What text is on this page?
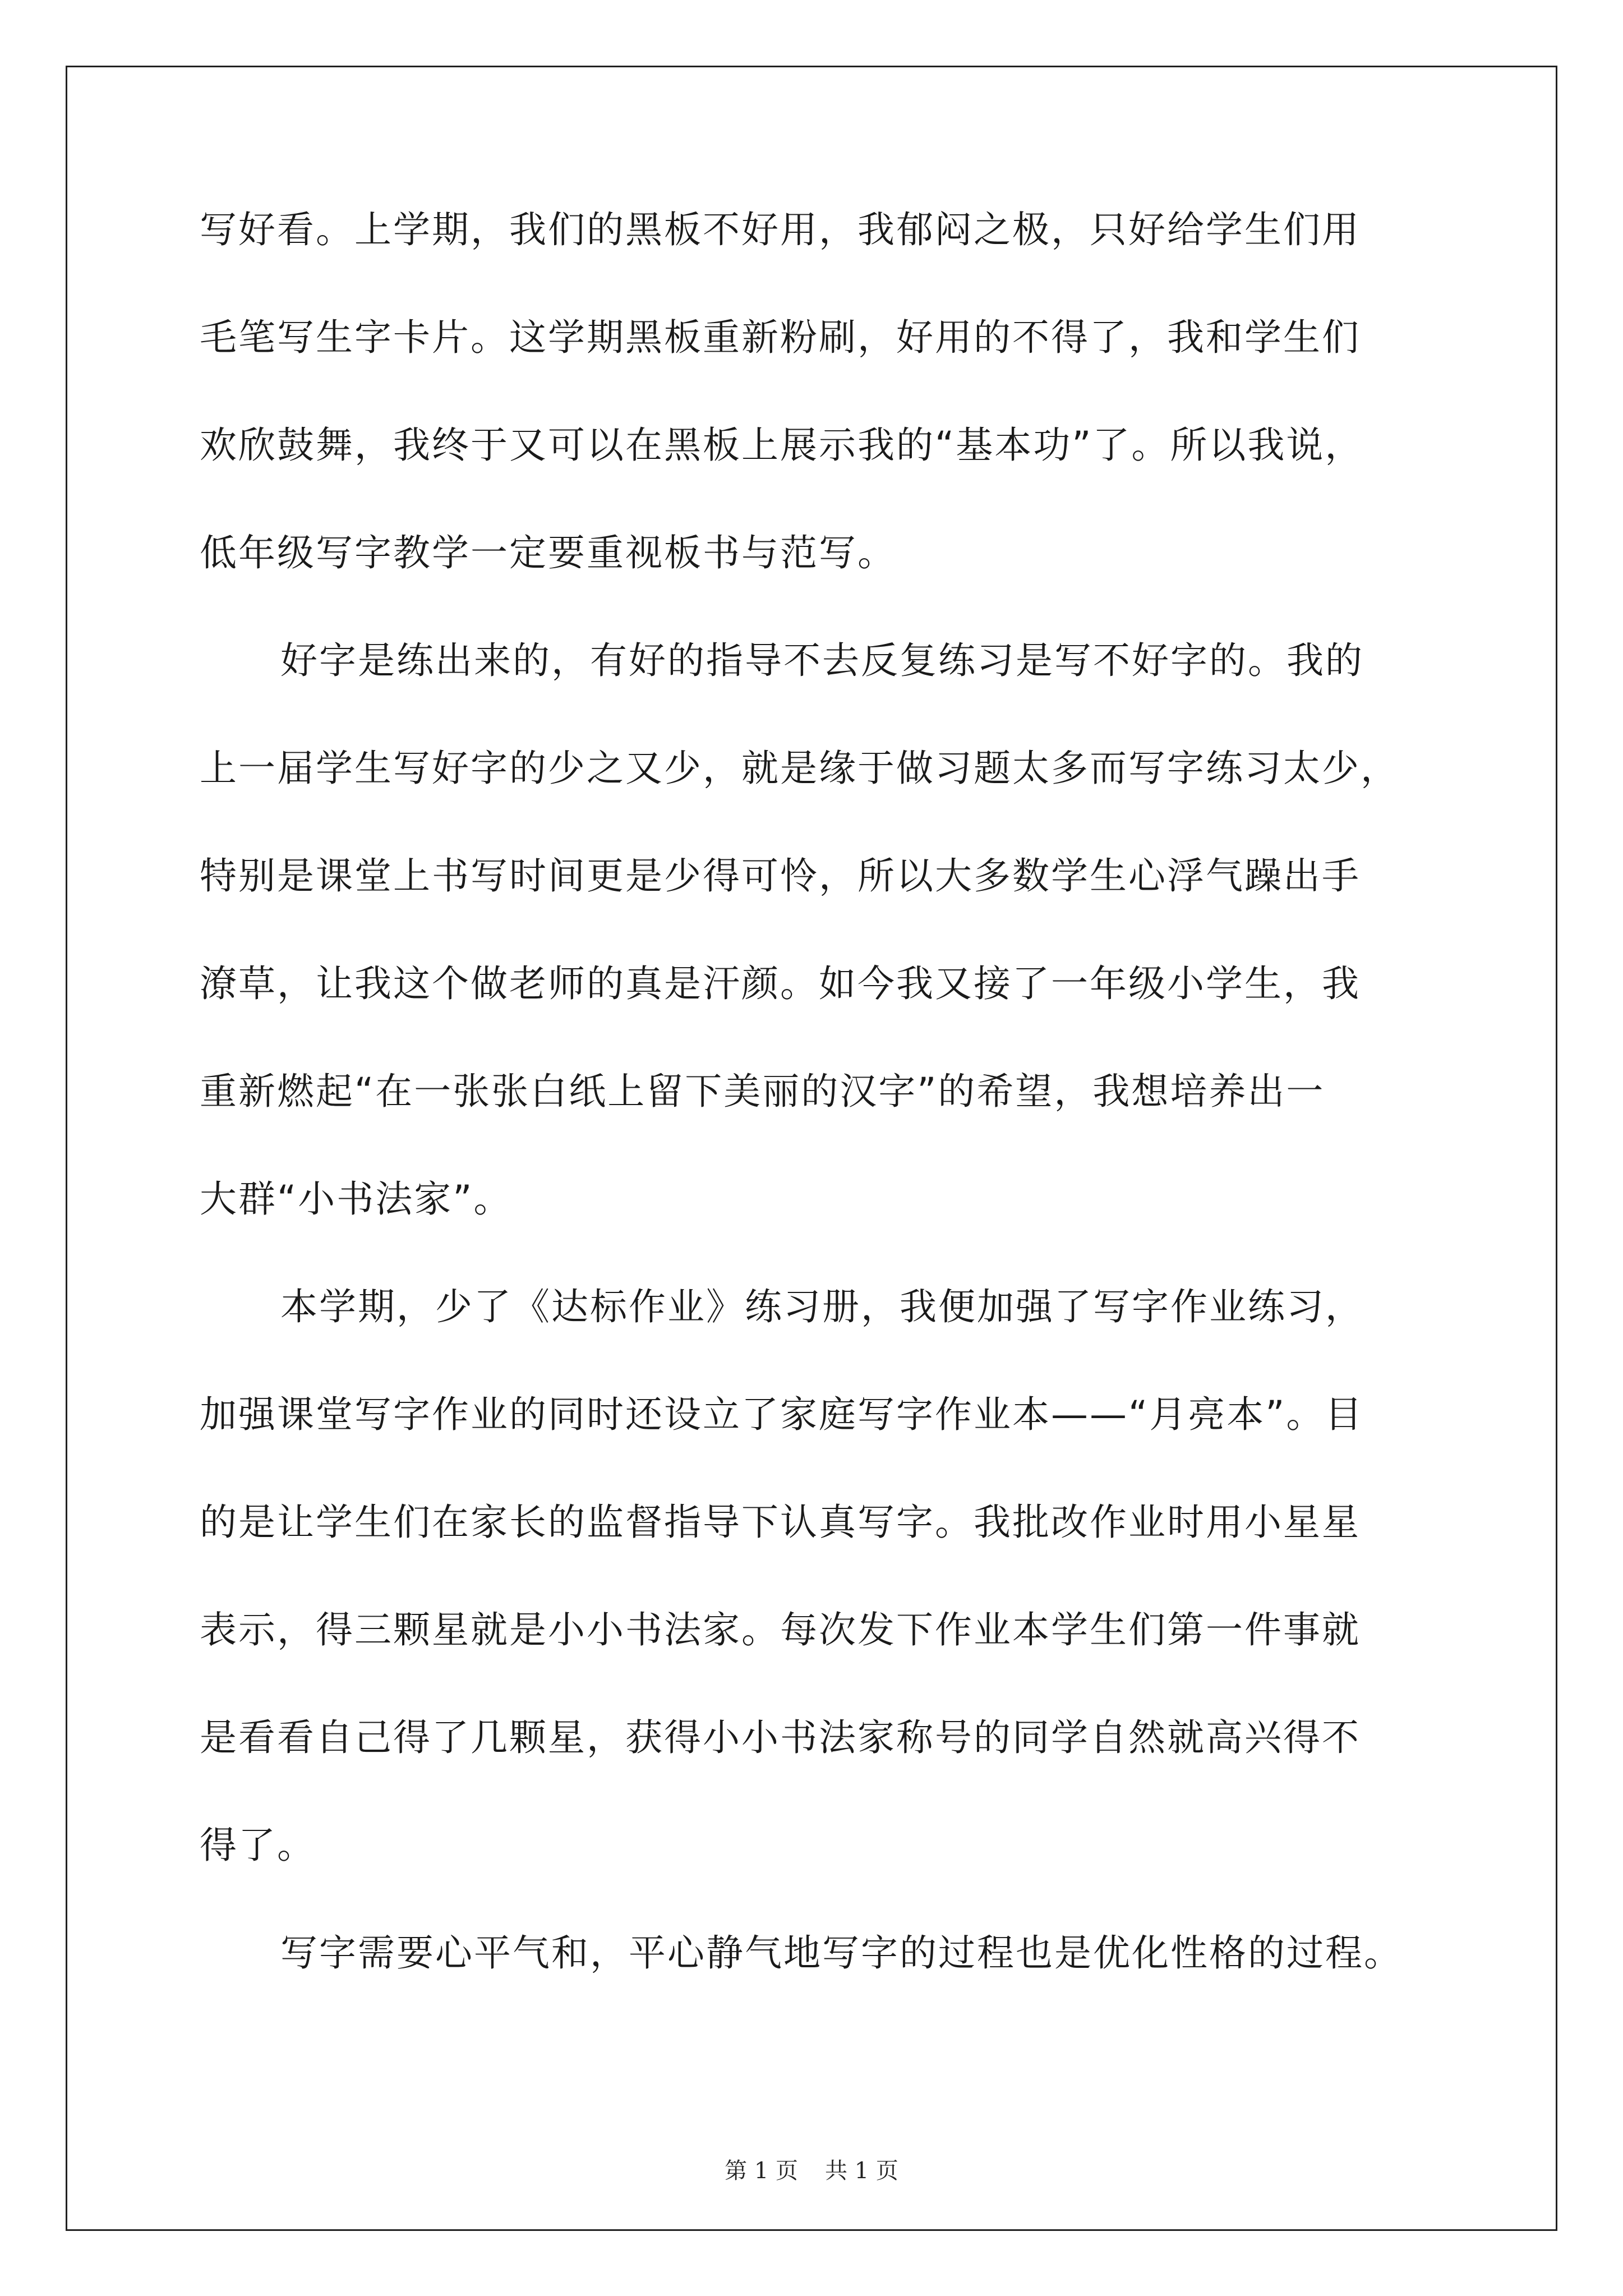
写好看。上学期，我们的黑板不好用，我郁闷之极，只好给学生们用
毛笔写生字卡片。这学期黑板重新粉刷，好用的不得了，我和学生们
欢欣鼓舞，我终于又可以在黑板上展示我的“基本功”了。所以我说，
低年级写字教学一定要重视板书与范写。
好字是练出来的，有好的指导不去反复练习是写不好字的。我的
上一届学生写好字的少之又少，就是缘于做习题太多而写字练习太少，
特别是课堂上书写时间更是少得可怜，所以大多数学生心浮气躁出手
潦草，让我这个做老师的真是汗颜。如今我又接了一年级小学生，我
重新燃起“在一张张白纸上留下美丽的汉字”的希望，我想培养出一
大群“小书法家”。
本学期，少了《达标作业》练习册，我便加强了写字作业练习，
加强课堂写字作业的同时还设立了家庭写字作业本——“月亮本”。目
的是让学生们在家长的监督指导下认真写字。我批改作业时用小星星
表示，得三颗星就是小小书法家。每次发下作业本学生们第一件事就
是看看自己得了几颗星，获得小小书法家称号的同学自然就高兴得不
得了。
写字需要心平气和，平心静气地写字的过程也是优化性格的过程。
第 1 页 共 1 页
